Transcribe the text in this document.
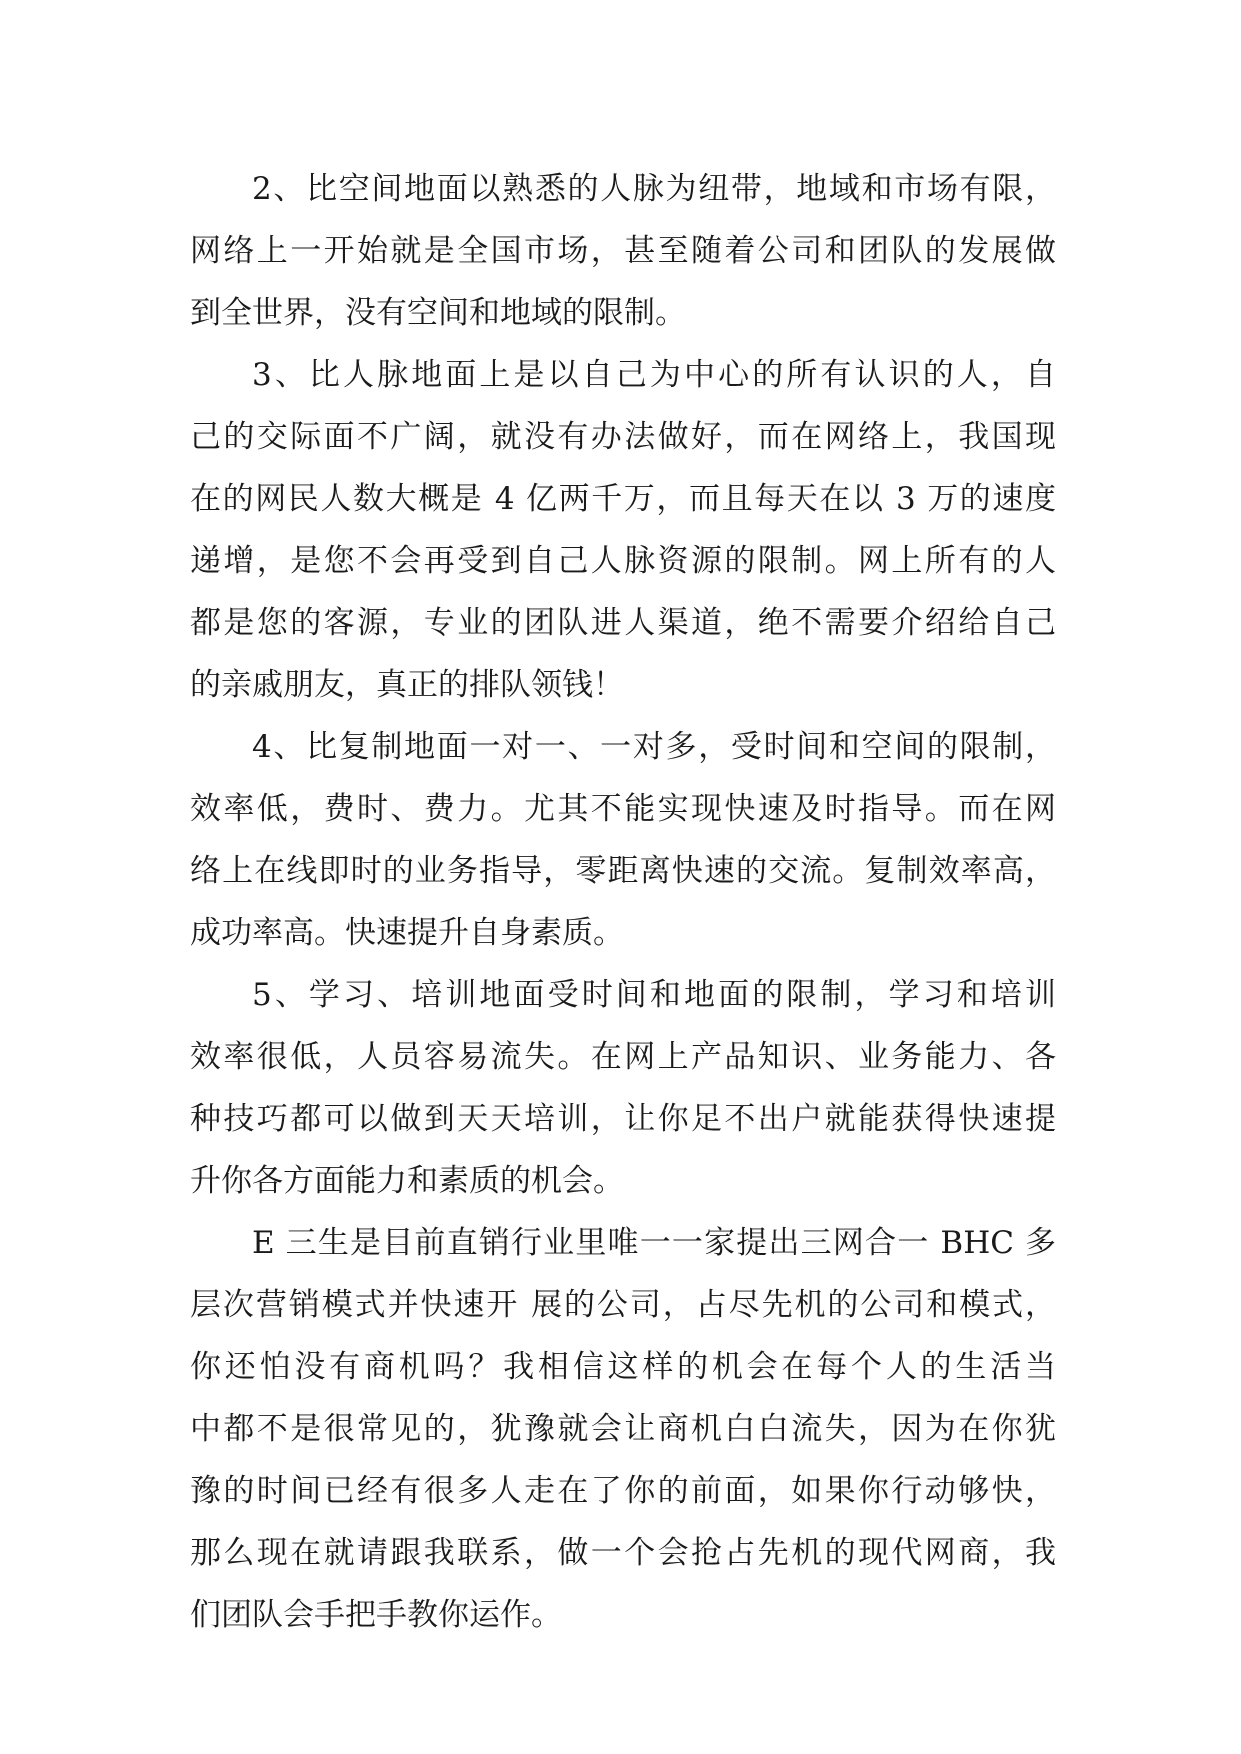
2、比空间地面以熟悉的人脉为纽带，地域和市场有限，
网络上一开始就是全国市场，甚至随着公司和团队的发展做
到全世界，没有空间和地域的限制。
3、比人脉地面上是以自己为中心的所有认识的人，自
己的交际面不广阔，就没有办法做好，而在网络上，我国现
在的网民人数大概是 4 亿两千万，而且每天在以 3 万的速度
递增，是您不会再受到自己人脉资源的限制。网上所有的人
都是您的客源，专业的团队进人渠道，绝不需要介绍给自己
的亲戚朋友，真正的排队领钱！
4、比复制地面一对一、一对多，受时间和空间的限制，
效率低，费时、费力。尤其不能实现快速及时指导。而在网
络上在线即时的业务指导，零距离快速的交流。复制效率高，
成功率高。快速提升自身素质。
5、学习、培训地面受时间和地面的限制，学习和培训
效率很低，人员容易流失。在网上产品知识、业务能力、各
种技巧都可以做到天天培训，让你足不出户就能获得快速提
升你各方面能力和素质的机会。
E 三生是目前直销行业里唯一一家提出三网合一 BHC 多
层次营销模式并快速开 展的公司，占尽先机的公司和模式，
你还怕没有商机吗？我相信这样的机会在每个人的生活当
中都不是很常见的，犹豫就会让商机白白流失，因为在你犹
豫的时间已经有很多人走在了你的前面，如果你行动够快，
那么现在就请跟我联系，做一个会抢占先机的现代网商，我
们团队会手把手教你运作。
